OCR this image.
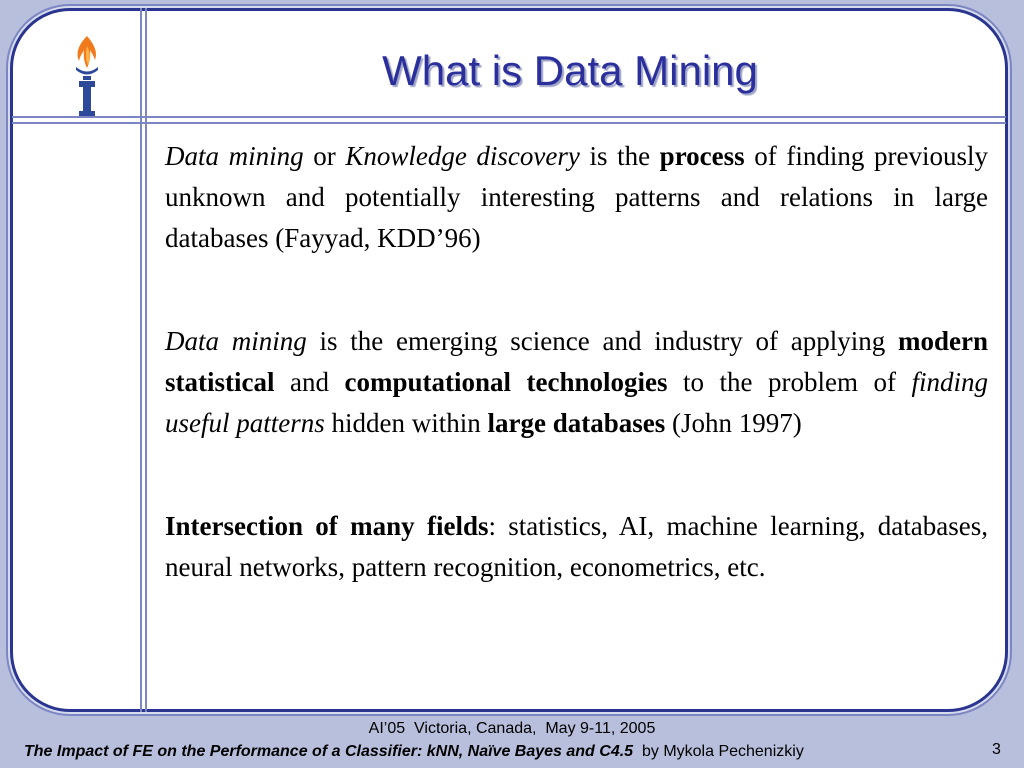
What is Data Mining

Data mining or Knowledge discovery is the process of finding previously unknown and potentially interesting patterns and relations in large databases (Fayyad, KDD’96)

Data mining is the emerging science and industry of applying modern statistical and computational technologies to the problem of finding useful patterns hidden within large databases (John 1997)

Intersection of many fields: statistics, AI, machine learning, databases, neural networks, pattern recognition, econometrics, etc.

AI’05  Victoria, Canada,  May 9-11, 2005
The Impact of FE on the Performance of a Classifier: kNN, Naïve Bayes and C4.5 by Mykola Pechenizkiy	3
